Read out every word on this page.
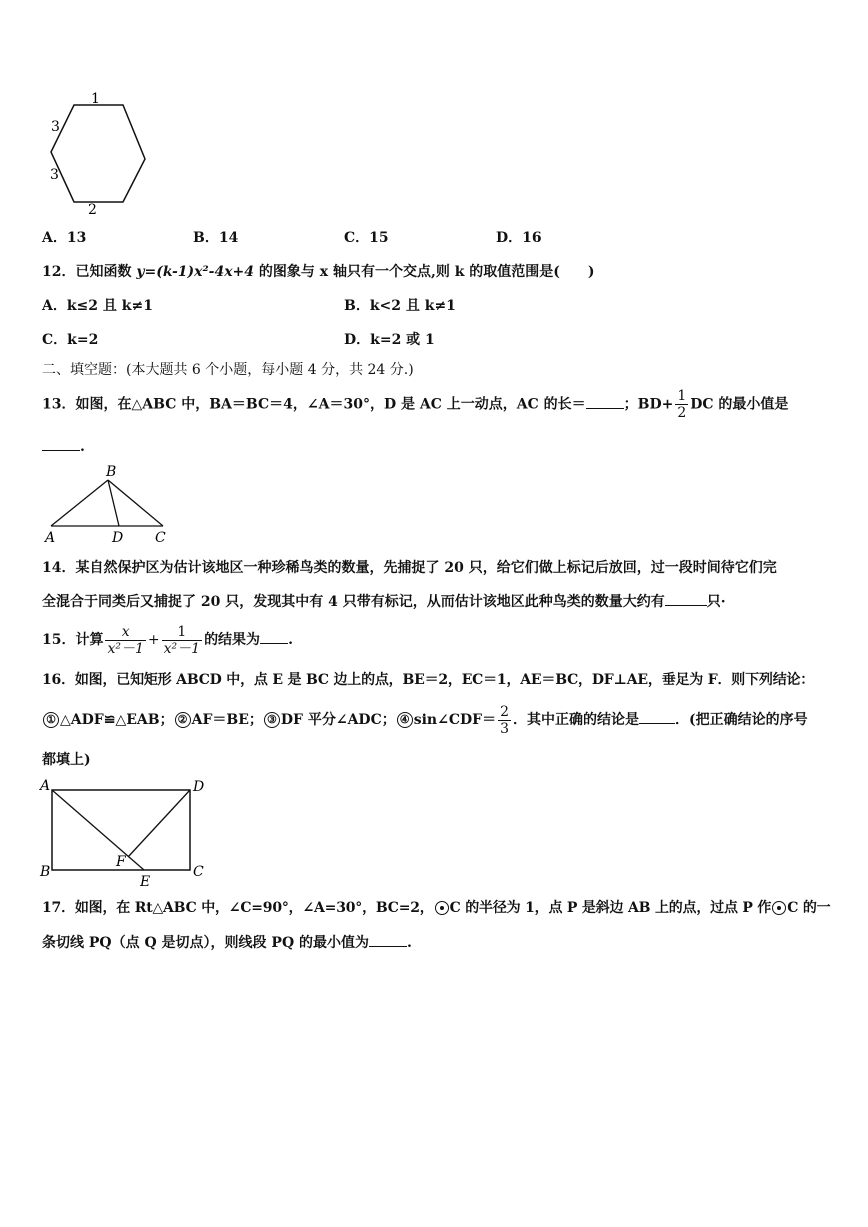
1
3
3
2
A．13	B．14	C．15	D．16
12．已知函数 y=(k-1)x²-4x+4 的图象与 x 轴只有一个交点,则 k 的取值范围是(　　)
A．k≤2 且 k≠1	B．k<2 且 k≠1
C．k=2	D．k=2 或 1
二、填空题：(本大题共 6 个小题，每小题 4 分，共 24 分.)
13．如图，在△ABC 中，BA＝BC＝4，∠A＝30°，D 是 AC 上一动点，AC 的长＝	；$BD+ \frac{1}{2}$ DC 的最小值是
.
B
A	D C
14．某自然保护区为估计该地区一种珍稀鸟类的数量，先捕捉了 20 只，给它们做上标记后放回，过一段时间待它们完
全混合于同类后又捕捉了 20 只，发现其中有 4 只带有标记，从而估计该地区此种鸟类的数量大约有	只·
15．计算 $\frac{x}{\text{x²－1}} + \frac{1}{\text{x²－1}}$ 的结果为 .
16．如图，已知矩形 ABCD 中，点 E 是 BC 边上的点，BE＝2，EC＝1，AE＝BC，DF⊥AE，垂足为 F．则下列结论：
① △ADF≌△EAB； ② AF＝BE； ③ DF 平分∠ADC； ④ sin∠CDF＝ $\frac{2}{3}$ ．其中正确的结论是	．(把正确结论的序号
都填上)
A	D
B
F
E
C
17．如图，在 Rt△ABC 中，∠C=90°，∠A=30°，BC=2， C 的半径为 1，点 P 是斜边 AB 上的点，过点 P 作 C 的一
条切线 PQ（点 Q 是切点），则线段 PQ 的最小值为	.
